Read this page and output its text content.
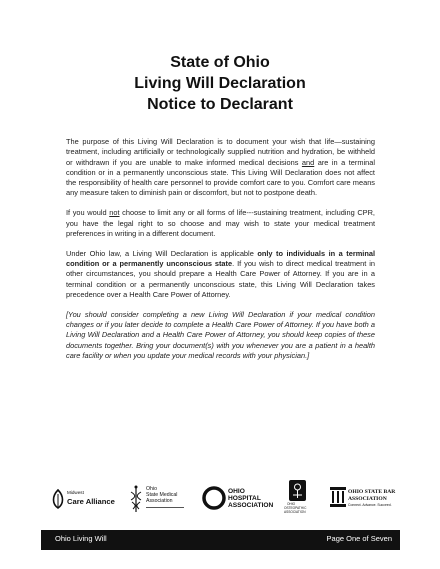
State of Ohio
Living Will Declaration
Notice to Declarant

The purpose of this Living Will Declaration is to document your wish that life—sustaining treatment, including artificially or technologically supplied nutrition and hydration, be withheld or withdrawn if you are unable to make informed medical decisions and are in a terminal condition or in a permanently unconscious state. This Living Will Declaration does not affect the responsibility of health care personnel to provide comfort care to you. Comfort care means any measure taken to diminish pain or discomfort, but not to postpone death.

If you would not choose to limit any or all forms of life---sustaining treatment, including CPR, you have the legal right to so choose and may wish to state your medical treatment preferences in writing in a different document.

Under Ohio law, a Living Will Declaration is applicable only to individuals in a terminal condition or a permanently unconscious state. If you wish to direct medical treatment in other circumstances, you should prepare a Health Care Power of Attorney. If you are in a terminal condition or a permanently unconscious state, this Living Will Declaration takes precedence over a Health Care Power of Attorney.

[You should consider completing a new Living Will Declaration if your medical condition changes or if you later decide to complete a Health Care Power of Attorney. If you have both a Living Will Declaration and a Health Care Power of Attorney, you should keep copies of these documents together. Bring your document(s) with you whenever you are a patient in a health care facility or when you update your medical records with your physician.]

Midwest
Care Alliance
Ohio
State Medical
Association
OHIO
HOSPITAL
ASSOCIATION	OHIO
OSTEOPATHIC
ASSOCIATION
OHIO STATE BAR
ASSOCIATION
Connect. Advance. Succeed.
Ohio Living Will	Page One of Seven
